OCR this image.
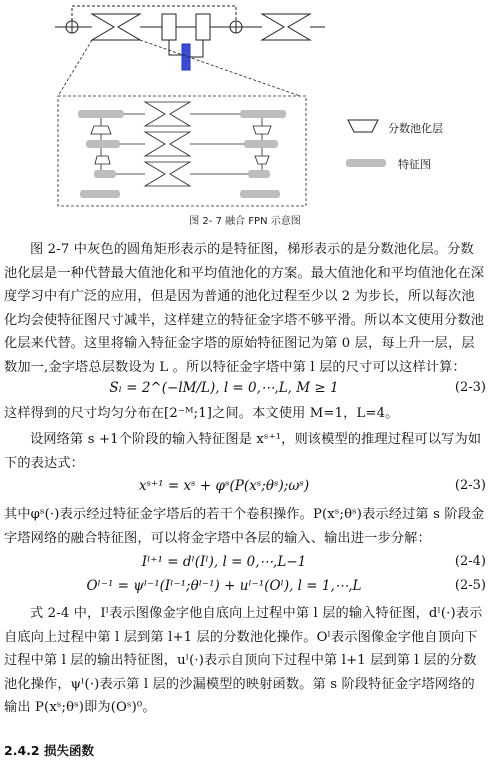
分数池化层
特征图
图 2- 7 融合 FPN 示意图

图 2-7 中灰色的圆角矩形表示的是特征图，梯形表示的是分数池化层。分数池化层是一种代替最大值池化和平均值池化的方案。最大值池化和平均值池化在深度学习中有广泛的应用，但是因为普通的池化过程至少以 2 为步长，所以每次池化均会使特征图尺寸减半，这样建立的特征金字塔不够平滑。所以本文使用分数池化层来代替。这里将输入特征金字塔的原始特征图记为第 0 层，每上升一层，层数加一,金字塔总层数设为 L 。所以特征金字塔中第 l 层的尺寸可以这样计算：

Sₗ = 2^(−lM/L), l = 0,⋯,L, M ≥ 1	(2-3)

这样得到的尺寸均匀分布在[2⁻ᴹ;1]之间。本文使用 M=1，L=4。

设网络第 s +1个阶段的输入特征图是 xˢ⁺¹，则该模型的推理过程可以写为如下的表达式：

xˢ⁺¹ = xˢ + φˢ(P(xˢ;θˢ);ωˢ)	(2-3)

其中φˢ(·)表示经过特征金字塔后的若干个卷积操作。P(xˢ;θˢ)表示经过第 s 阶段金字塔网络的融合特征图，可以将金字塔中各层的输入、输出进一步分解：

Iˡ⁺¹ = dˡ(Iˡ), l = 0,⋯,L−1	(2-4)
Oˡ⁻¹ = ψˡ⁻¹(Iˡ⁻¹;θˡ⁻¹) + uˡ⁻¹(Oˡ), l = 1,⋯,L	(2-5)

式 2-4 中，Iˡ表示图像金字他自底向上过程中第 l 层的输入特征图，dˡ(·)表示自底向上过程中第 l 层到第 l+1 层的分数池化操作。Oˡ表示图像金字他自顶向下过程中第 l 层的输出特征图，uˡ(·)表示自顶向下过程中第 l+1 层到第 l 层的分数池化操作，ψˡ(·)表示第 l 层的沙漏模型的映射函数。第 s 阶段特征金字塔网络的输出 P(xˢ;θˢ)即为(Oˢ)⁰。

2.4.2 损失函数
